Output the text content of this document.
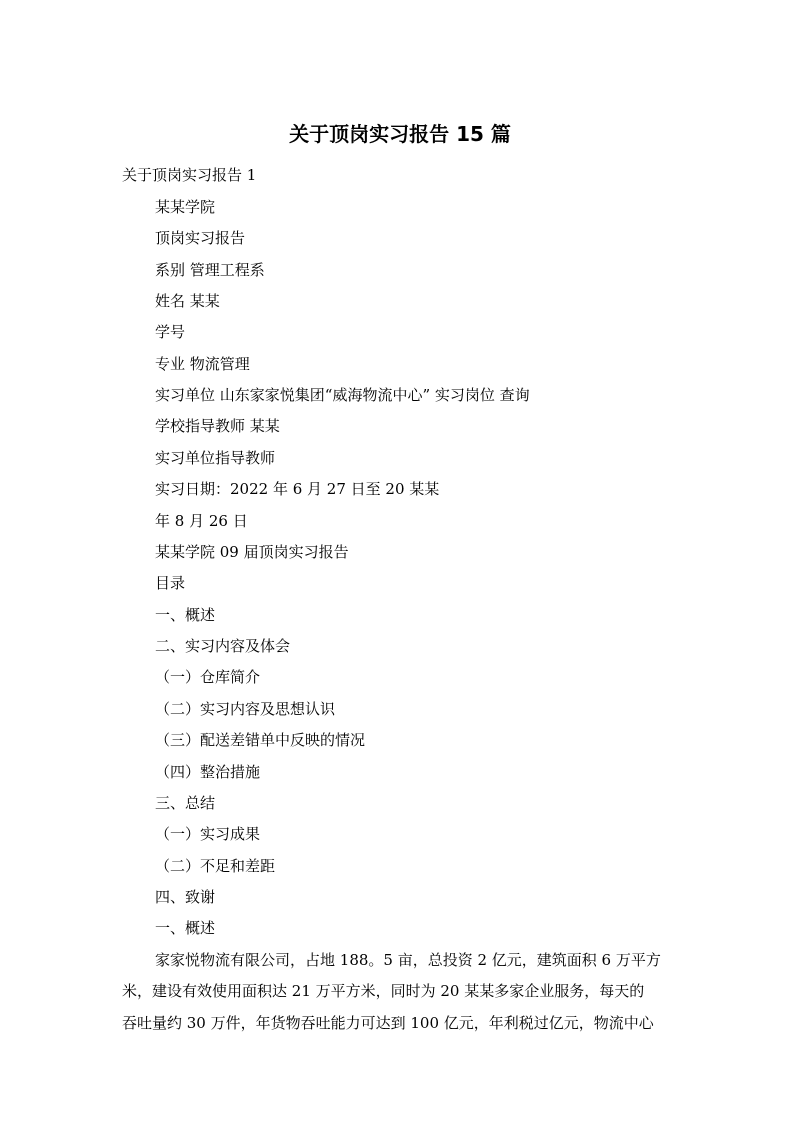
关于顶岗实习报告 15 篇

关于顶岗实习报告 1

某某学院

顶岗实习报告

系别 管理工程系

姓名 某某

学号

专业 物流管理

实习单位 山东家家悦集团“威海物流中心” 实习岗位 查询

学校指导教师 某某

实习单位指导教师

实习日期：2022 年 6 月 27 日至 20 某某

年 8 月 26 日

某某学院 09 届顶岗实习报告

目录

一、概述

二、实习内容及体会

（一）仓库简介

（二）实习内容及思想认识

（三）配送差错单中反映的情况

（四）整治措施

三、总结

（一）实习成果

（二）不足和差距

四、致谢

一、概述

家家悦物流有限公司，占地 188。5 亩，总投资 2 亿元，建筑面积 6 万平方
米，建设有效使用面积达 21 万平方米，同时为 20 某某多家企业服务，每天的
吞吐量约 30 万件，年货物吞吐能力可达到 100 亿元，年利税过亿元，物流中心
